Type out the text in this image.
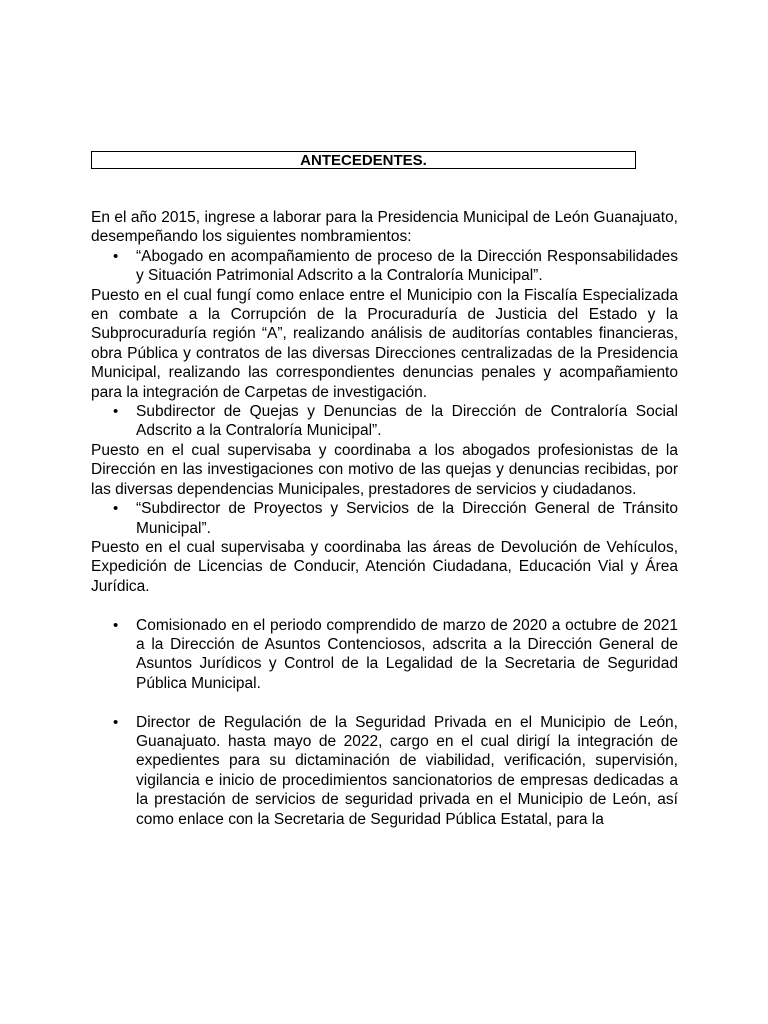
ANTECEDENTES.

En el año 2015, ingrese a laborar para la Presidencia Municipal de León Guanajuato, desempeñando los siguientes nombramientos:

• “Abogado en acompañamiento de proceso de la Dirección Responsabilidades y Situación Patrimonial Adscrito a la Contraloría Municipal”.

Puesto en el cual fungí como enlace entre el Municipio con la Fiscalía Especializada en combate a la Corrupción de la Procuraduría de Justicia del Estado y la Subprocuraduría región “A”, realizando análisis de auditorías contables financieras, obra Pública y contratos de las diversas Direcciones centralizadas de la Presidencia Municipal, realizando las correspondientes denuncias penales y acompañamiento para la integración de Carpetas de investigación.

• Subdirector de Quejas y Denuncias de la Dirección de Contraloría Social Adscrito a la Contraloría Municipal”.

Puesto en el cual supervisaba y coordinaba a los abogados profesionistas de la Dirección en las investigaciones con motivo de las quejas y denuncias recibidas, por las diversas dependencias Municipales, prestadores de servicios y ciudadanos.

• “Subdirector de Proyectos y Servicios de la Dirección General de Tránsito Municipal”.

Puesto en el cual supervisaba y coordinaba las áreas de Devolución de Vehículos, Expedición de Licencias de Conducir, Atención Ciudadana, Educación Vial y Área Jurídica.

• Comisionado en el periodo comprendido de marzo de 2020 a octubre de 2021 a la Dirección de Asuntos Contenciosos, adscrita a la Dirección General de Asuntos Jurídicos y Control de la Legalidad de la Secretaria de Seguridad Pública Municipal.
• Director de Regulación de la Seguridad Privada en el Municipio de León, Guanajuato. hasta mayo de 2022, cargo en el cual dirigí la integración de expedientes para su dictaminación de viabilidad, verificación, supervisión, vigilancia e inicio de procedimientos sancionatorios de empresas dedicadas a la prestación de servicios de seguridad privada en el Municipio de León, así como enlace con la Secretaria de Seguridad Pública Estatal, para la
